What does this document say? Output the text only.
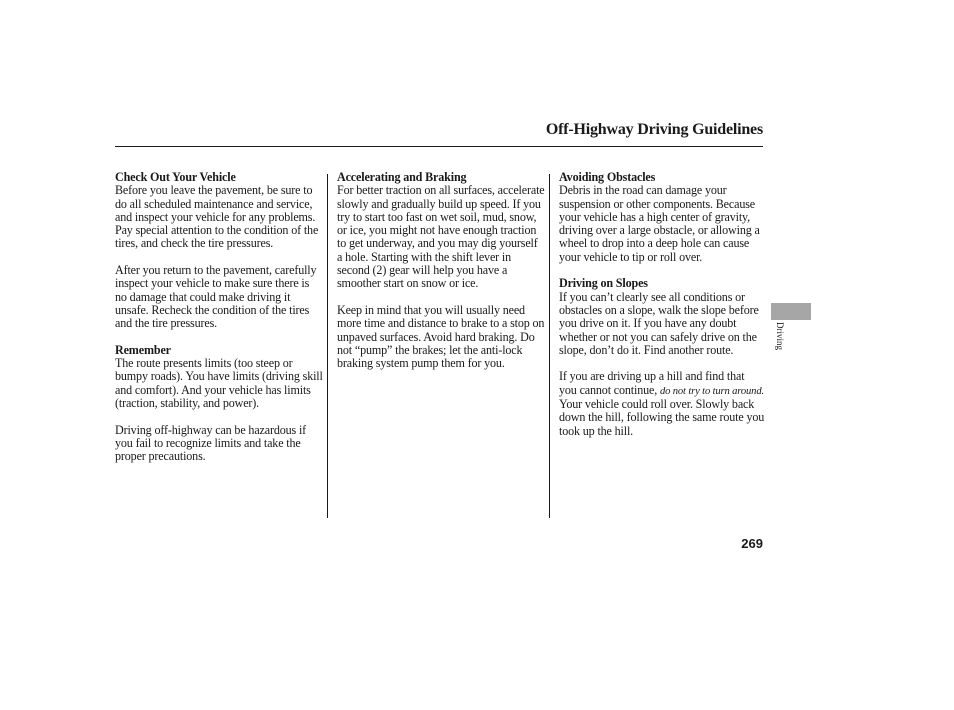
Off-Highway Driving Guidelines

Check Out Your Vehicle

Before you leave the pavement, be sure to do all scheduled maintenance and service, and inspect your vehicle for any problems. Pay special attention to the condition of the tires, and check the tire pressures.

After you return to the pavement, carefully inspect your vehicle to make sure there is no damage that could make driving it unsafe. Recheck the condition of the tires and the tire pressures.

Remember

The route presents limits (too steep or bumpy roads). You have limits (driving skill and comfort). And your vehicle has limits (traction, stability, and power).

Driving off-highway can be hazardous if you fail to recognize limits and take the proper precautions.

Accelerating and Braking

For better traction on all surfaces, accelerate slowly and gradually build up speed. If you try to start too fast on wet soil, mud, snow, or ice, you might not have enough traction to get underway, and you may dig yourself a hole. Starting with the shift lever in second (2) gear will help you have a smoother start on snow or ice.

Keep in mind that you will usually need more time and distance to brake to a stop on unpaved surfaces. Avoid hard braking. Do not “pump” the brakes; let the anti-lock braking system pump them for you.

Avoiding Obstacles

Debris in the road can damage your suspension or other components. Because your vehicle has a high center of gravity, driving over a large obstacle, or allowing a wheel to drop into a deep hole can cause your vehicle to tip or roll over.

Driving on Slopes

If you can’t clearly see all conditions or obstacles on a slope, walk the slope before you drive on it. If you have any doubt whether or not you can safely drive on the slope, don’t do it. Find another route.

If you are driving up a hill and find that you cannot continue, do not try to turn around. Your vehicle could roll over. Slowly back down the hill, following the same route you took up the hill.

Driving
269
